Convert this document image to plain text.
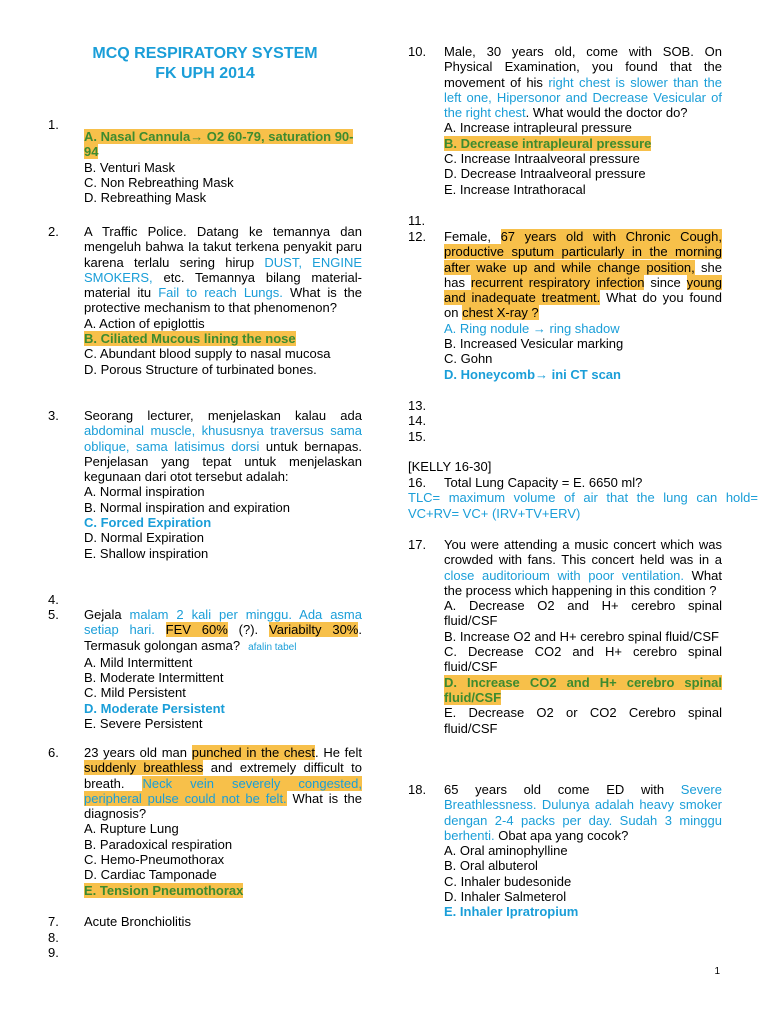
MCQ RESPIRATORY SYSTEM
FK UPH 2014
1.
A. Nasal Cannula→ O2 60-79, saturation 90-94
B. Venturi Mask
C. Non Rebreathing Mask
D. Rebreathing Mask
2. A Traffic Police. Datang ke temannya dan mengeluh bahwa Ia takut terkena penyakit paru karena terlalu sering hirup DUST, ENGINE SMOKERS, etc. Temannya bilang material-material itu Fail to reach Lungs. What is the protective mechanism to that phenomenon?
A. Action of epiglottis
B. Ciliated Mucous lining the nose
C. Abundant blood supply to nasal mucosa
D. Porous Structure of turbinated bones.
3. Seorang lecturer, menjelaskan kalau ada abdominal muscle, khususnya traversus sama oblique, sama latisimus dorsi untuk bernapas. Penjelasan yang tepat untuk menjelaskan kegunaan dari otot tersebut adalah:
A. Normal inspiration
B. Normal inspiration and expiration
C. Forced Expiration
D. Normal Expiration
E. Shallow inspiration
4.
5. Gejala malam 2 kali per minggu. Ada asma setiap hari. FEV 60% (?). Variabilty 30%. Termasuk golongan asma? afalin tabel
A. Mild Intermittent
B. Moderate Intermittent
C. Mild Persistent
D. Moderate Persistent
E. Severe Persistent
6. 23 years old man punched in the chest. He felt suddenly breathless and extremely difficult to breath. Neck vein severely congested, peripheral pulse could not be felt. What is the diagnosis?
A. Rupture Lung
B. Paradoxical respiration
C. Hemo-Pneumothorax
D. Cardiac Tamponade
E. Tension Pneumothorax
7. Acute Bronchiolitis
8.
9.
10. Male, 30 years old, come with SOB. On Physical Examination, you found that the movement of his right chest is slower than the left one, Hipersonor and Decrease Vesicular of the right chest. What would the doctor do?
A. Increase intrapleural pressure
B. Decrease intrapleural pressure
C. Increase Intraalveoral pressure
D. Decrease Intraalveoral pressure
E. Increase Intrathoracal
11.
12. Female, 67 years old with Chronic Cough, productive sputum particularly in the morning after wake up and while change position, she has recurrent respiratory infection since young and inadequate treatment. What do you found on chest X-ray ?
A. Ring nodule → ring shadow
B. Increased Vesicular marking
C. Gohn
D. Honeycomb→ ini CT scan
13.
14.
15.
[KELLY 16-30]
16. Total Lung Capacity = E. 6650 ml?
TLC= maximum volume of air that the lung can hold= VC+RV= VC+ (IRV+TV+ERV)
17. You were attending a music concert which was crowded with fans. This concert held was in a close auditorioum with poor ventilation. What the process which happening in this condition ?
A. Decrease O2 and H+ cerebro spinal fluid/CSF
B. Increase O2 and H+ cerebro spinal fluid/CSF
C. Decrease CO2 and H+ cerebro spinal fluid/CSF
D. Increase CO2 and H+ cerebro spinal fluid/CSF
E. Decrease O2 or CO2 Cerebro spinal fluid/CSF
18. 65 years old come ED with Severe Breathlessness. Dulunya adalah heavy smoker dengan 2-4 packs per day. Sudah 3 minggu berhenti. Obat apa yang cocok?
A. Oral aminophylline
B. Oral albuterol
C. Inhaler budesonide
D. Inhaler Salmeterol
E. Inhaler Ipratropium
1
